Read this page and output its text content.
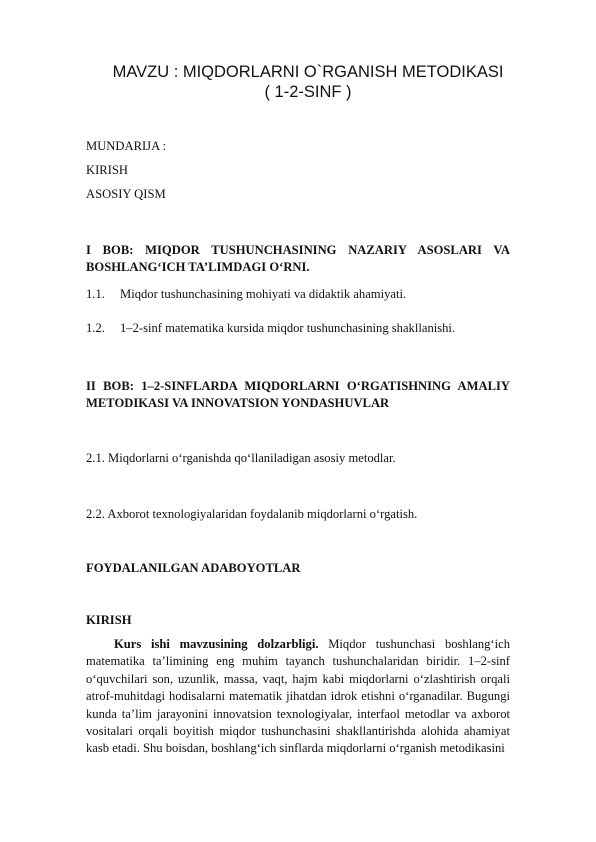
MAVZU : MIQDORLARNI O`RGANISH METODIKASI
( 1-2-SINF )
MUNDARIJA :
KIRISH
ASOSIY QISM
I BOB: MIQDOR TUSHUNCHASINING NAZARIY ASOSLARI VA
BOSHLANG‘ICH TA’LIMDAGI O‘RNI.
1.1. Miqdor tushunchasining mohiyati va didaktik ahamiyati.
1.2. 1–2-sinf matematika kursida miqdor tushunchasining shakllanishi.
II BOB: 1–2-SINFLARDA MIQDORLARNI O‘RGATISHNING AMALIY
METODIKASI VA INNOVATSION YONDASHUVLAR
2.1. Miqdorlarni o‘rganishda qo‘llaniladigan asosiy metodlar.
2.2. Axborot texnologiyalaridan foydalanib miqdorlarni o‘rgatish.
FOYDALANILGAN ADABOYOTLAR
KIRISH
Kurs ishi mavzusining dolzarbligi. Miqdor tushunchasi boshlang‘ich matematika ta’limining eng muhim tayanch tushunchalaridan biridir. 1–2-sinf o‘quvchilari son, uzunlik, massa, vaqt, hajm kabi miqdorlarni o‘zlashtirish orqali atrof-muhitdagi hodisalarni matematik jihatdan idrok etishni o‘rganadilar. Bugungi kunda ta’lim jarayonini innovatsion texnologiyalar, interfaol metodlar va axborot vositalari orqali boyitish miqdor tushunchasini shakllantirishda alohida ahamiyat kasb etadi. Shu boisdan, boshlang‘ich sinflarda miqdorlarni o‘rganish metodikasini
